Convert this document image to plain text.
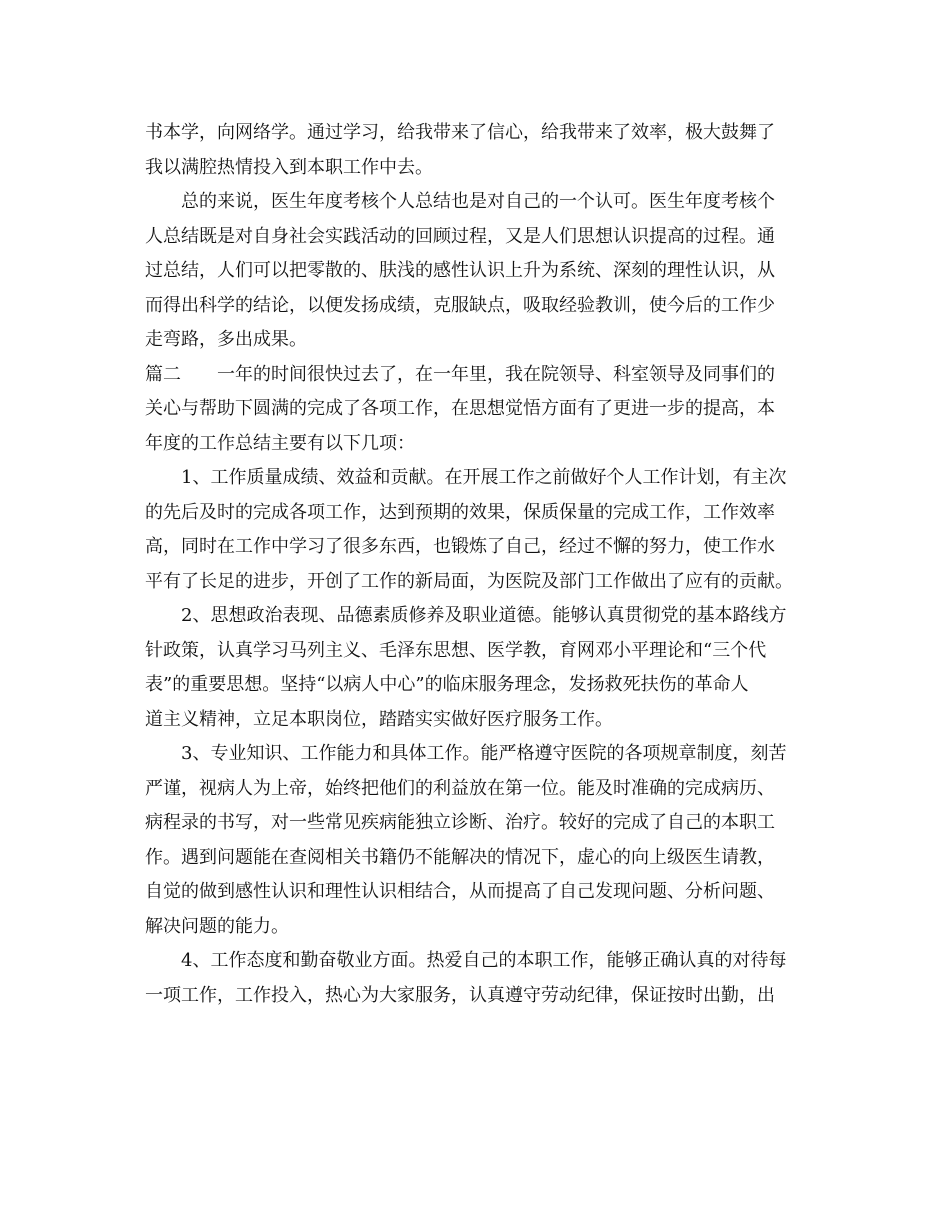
书本学，向网络学。通过学习，给我带来了信心，给我带来了效率，极大鼓舞了
我以满腔热情投入到本职工作中去。
总的来说，医生年度考核个人总结也是对自己的一个认可。医生年度考核个
人总结既是对自身社会实践活动的回顾过程，又是人们思想认识提高的过程。通
过总结，人们可以把零散的、肤浅的感性认识上升为系统、深刻的理性认识，从
而得出科学的结论，以便发扬成绩，克服缺点，吸取经验教训，使今后的工作少
走弯路，多出成果。
篇二　　一年的时间很快过去了，在一年里，我在院领导、科室领导及同事们的
关心与帮助下圆满的完成了各项工作，在思想觉悟方面有了更进一步的提高，本
年度的工作总结主要有以下几项：
1、工作质量成绩、效益和贡献。在开展工作之前做好个人工作计划，有主次
的先后及时的完成各项工作，达到预期的效果，保质保量的完成工作，工作效率
高，同时在工作中学习了很多东西，也锻炼了自己，经过不懈的努力，使工作水
平有了长足的进步，开创了工作的新局面，为医院及部门工作做出了应有的贡献。
2、思想政治表现、品德素质修养及职业道德。能够认真贯彻党的基本路线方
针政策，认真学习马列主义、毛泽东思想、医学教，育网邓小平理论和“三个代
表”的重要思想。坚持“以病人中心”的临床服务理念，发扬救死扶伤的革命人
道主义精神，立足本职岗位，踏踏实实做好医疗服务工作。
3、专业知识、工作能力和具体工作。能严格遵守医院的各项规章制度，刻苦
严谨，视病人为上帝，始终把他们的利益放在第一位。能及时准确的完成病历、
病程录的书写，对一些常见疾病能独立诊断、治疗。较好的完成了自己的本职工
作。遇到问题能在查阅相关书籍仍不能解决的情况下，虚心的向上级医生请教，
自觉的做到感性认识和理性认识相结合，从而提高了自己发现问题、分析问题、
解决问题的能力。
4、工作态度和勤奋敬业方面。热爱自己的本职工作，能够正确认真的对待每
一项工作，工作投入，热心为大家服务，认真遵守劳动纪律，保证按时出勤，出
